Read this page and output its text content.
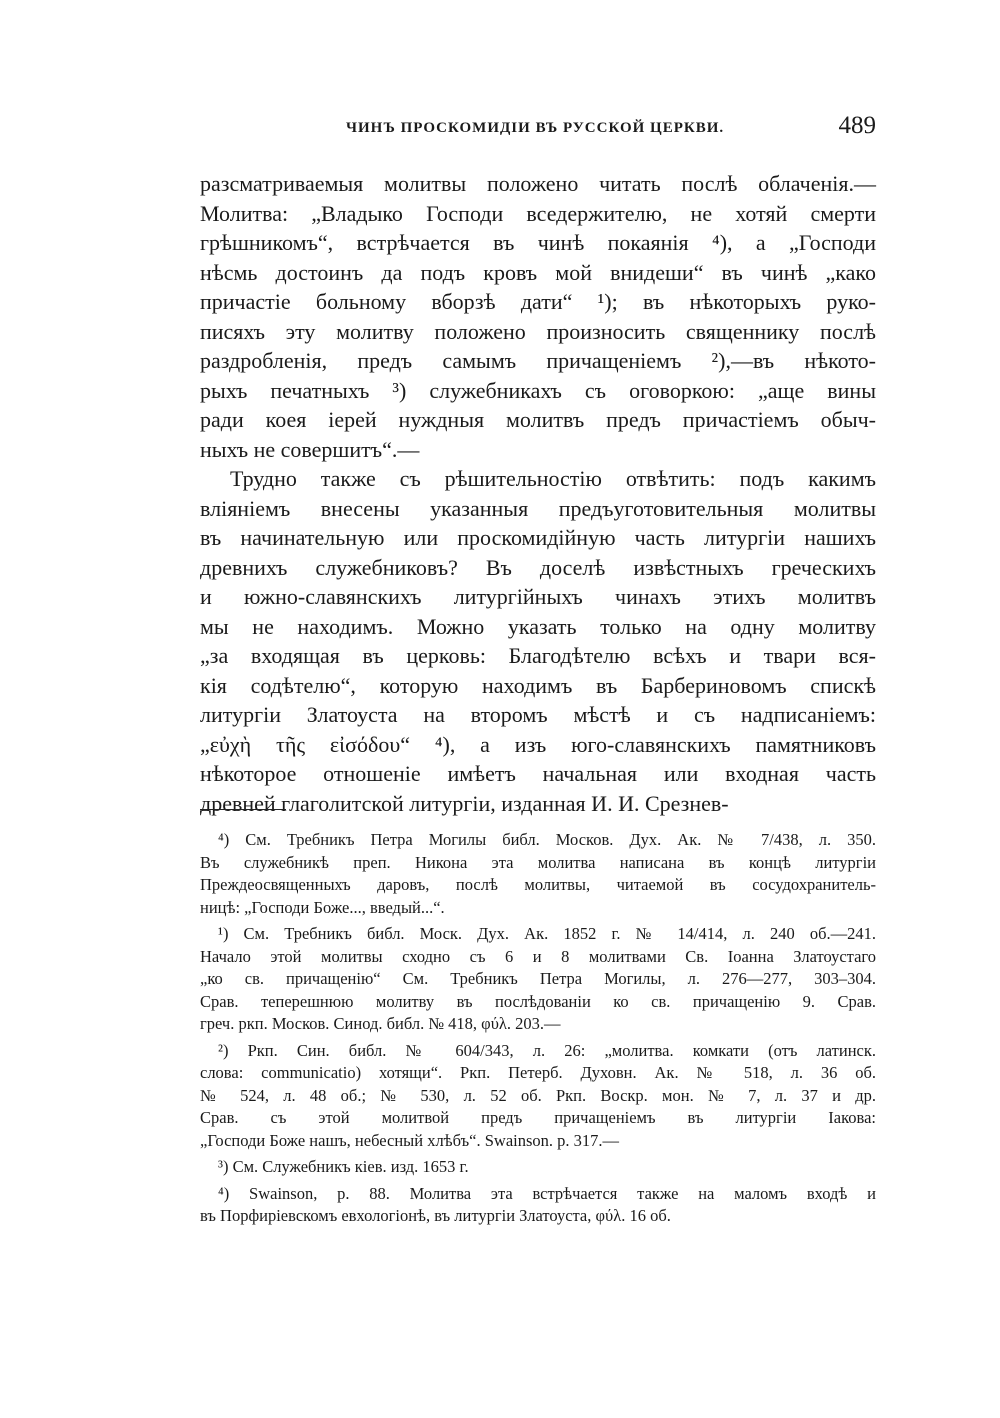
ЧИНЪ ПРОСКОМИДІИ ВЪ РУССКОЙ ЦЕРКВИ.	489
разсматриваемыя молитвы положено читать послѣ облаченія.—
Молитва: „Владыко Господи вседержителю, не хотяй смерти
грѣшникомъ“, встрѣчается въ чинѣ покаянія ⁴), а „Господи
нѣсмь достоинъ да подъ кровъ мой внидеши“ въ чинѣ „како
причастіе больному вборзѣ дати“ ¹); въ нѣкоторыхъ руко-
писяхъ эту молитву положено произносить священнику послѣ
раздробленія, предъ самымъ причащеніемъ ²),—въ нѣкото-
рыхъ печатныхъ ³) служебникахъ съ оговоркою: „аще вины
ради коея іерей нуждныя молитвъ предъ причастіемъ обыч-
ныхъ не совершитъ“.—
Трудно также съ рѣшительностію отвѣтить: подъ какимъ
вліяніемъ внесены указанныя предъуготовительныя молитвы
въ начинательную или проскомидійную часть литургіи нашихъ
древнихъ служебниковъ? Въ доселѣ извѣстныхъ греческихъ
и южно-славянскихъ литургійныхъ чинахъ этихъ молитвъ
мы не находимъ. Можно указать только на одну молитву
„за входящая въ церковь: Благодѣтелю всѣхъ и твари вся-
кія содѣтелю“, которую находимъ въ Барбериновомъ спискѣ
литургіи Златоуста на второмъ мѣстѣ и съ надписаніемъ:
„εὐχὴ τῆς εἰσόδου“ ⁴), а изъ юго-славянскихъ памятниковъ
нѣкоторое отношеніе имѣетъ начальная или входная часть
древней глаголитской литургіи, изданная И. И. Срезнев-
⁴) См. Требникъ Петра Могилы библ. Москов. Дух. Ак. № 7/438, л. 350.
Въ служебникѣ преп. Никона эта молитва написана въ концѣ литургіи
Преждеосвященныхъ даровъ, послѣ молитвы, читаемой въ сосудохранитель-
ницѣ: „Господи Боже..., введый...“.
¹) См. Требникъ библ. Моск. Дух. Ак. 1852 г. № 14/414, л. 240 об.—241.
Начало этой молитвы сходно съ 6 и 8 молитвами Св. Іоанна Златоустаго
„ко св. причащенію“ См. Требникъ Петра Могилы, л. 276—277, 303–304.
Срав. теперешнюю молитву въ послѣдованіи ко св. причащенію 9. Срав.
греч. ркп. Москов. Синод. библ. № 418, φύλ. 203.—
²) Ркп. Син. библ. № 604/343, л. 26: „молитва. комкати (отъ латинск.
слова: communicatio) хотящи“. Ркп. Петерб. Духовн. Ак. № 518, л. 36 об.
№ 524, л. 48 об.; № 530, л. 52 об. Ркп. Воскр. мон. № 7, л. 37 и др.
Срав. съ этой молитвой предъ причащеніемъ въ литургіи Іакова:
„Господи Боже нашъ, небесный хлѣбъ“. Swainson. p. 317.—
³) См. Служебникъ кіев. изд. 1653 г.
⁴) Swainson, p. 88. Молитва эта встрѣчается также на маломъ входѣ и
въ Порфиріевскомъ евхологіонѣ, въ литургіи Златоуста, φύλ. 16 об.
